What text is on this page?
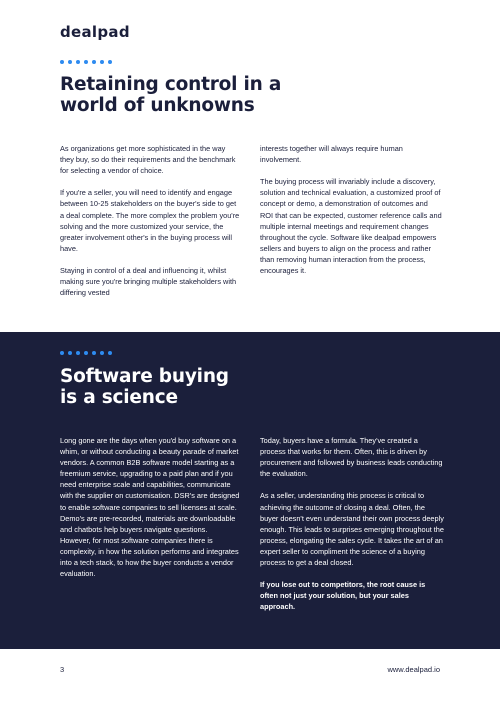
dealpad
Retaining control in a
world of unknowns

As organizations get more sophisticated in the way they buy, so do their requirements and the benchmark for selecting a vendor of choice.

If you're a seller, you will need to identify and engage between 10-25 stakeholders on the buyer's side to get a deal complete. The more complex the problem you're solving and the more customized your service, the greater involvement other's in the buying process will have.

Staying in control of a deal and influencing it, whilst making sure you're bringing multiple stakeholders with differing vested

interests together will always require human involvement.

The buying process will invariably include a discovery, solution and technical evaluation, a customized proof of concept or demo, a demonstration of outcomes and ROI that can be expected, customer reference calls and multiple internal meetings and requirement changes throughout the cycle. Software like dealpad empowers sellers and buyers to align on the process and rather than removing human interaction from the process, encourages it.

Software buying
is a science

Long gone are the days when you'd buy software on a whim, or without conducting a beauty parade of market vendors. A common B2B software model starting as a freemium service, upgrading to a paid plan and if you need enterprise scale and capabilities, communicate with the supplier on customisation. DSR's are designed to enable software companies to sell licenses at scale. Demo's are pre-recorded, materials are downloadable and chatbots help buyers navigate questions. However, for most software companies there is complexity, in how the solution performs and integrates into a tech stack, to how the buyer conducts a vendor evaluation.

Today, buyers have a formula. They've created a process that works for them. Often, this is driven by procurement and followed by business leads conducting the evaluation.

As a seller, understanding this process is critical to achieving the outcome of closing a deal. Often, the buyer doesn't even understand their own process deeply enough. This leads to surprises emerging throughout the process, elongating the sales cycle. It takes the art of an expert seller to compliment the science of a buying process to get a deal closed.

If you lose out to competitors, the root cause is often not just your solution, but your sales approach.

3	www.dealpad.io
